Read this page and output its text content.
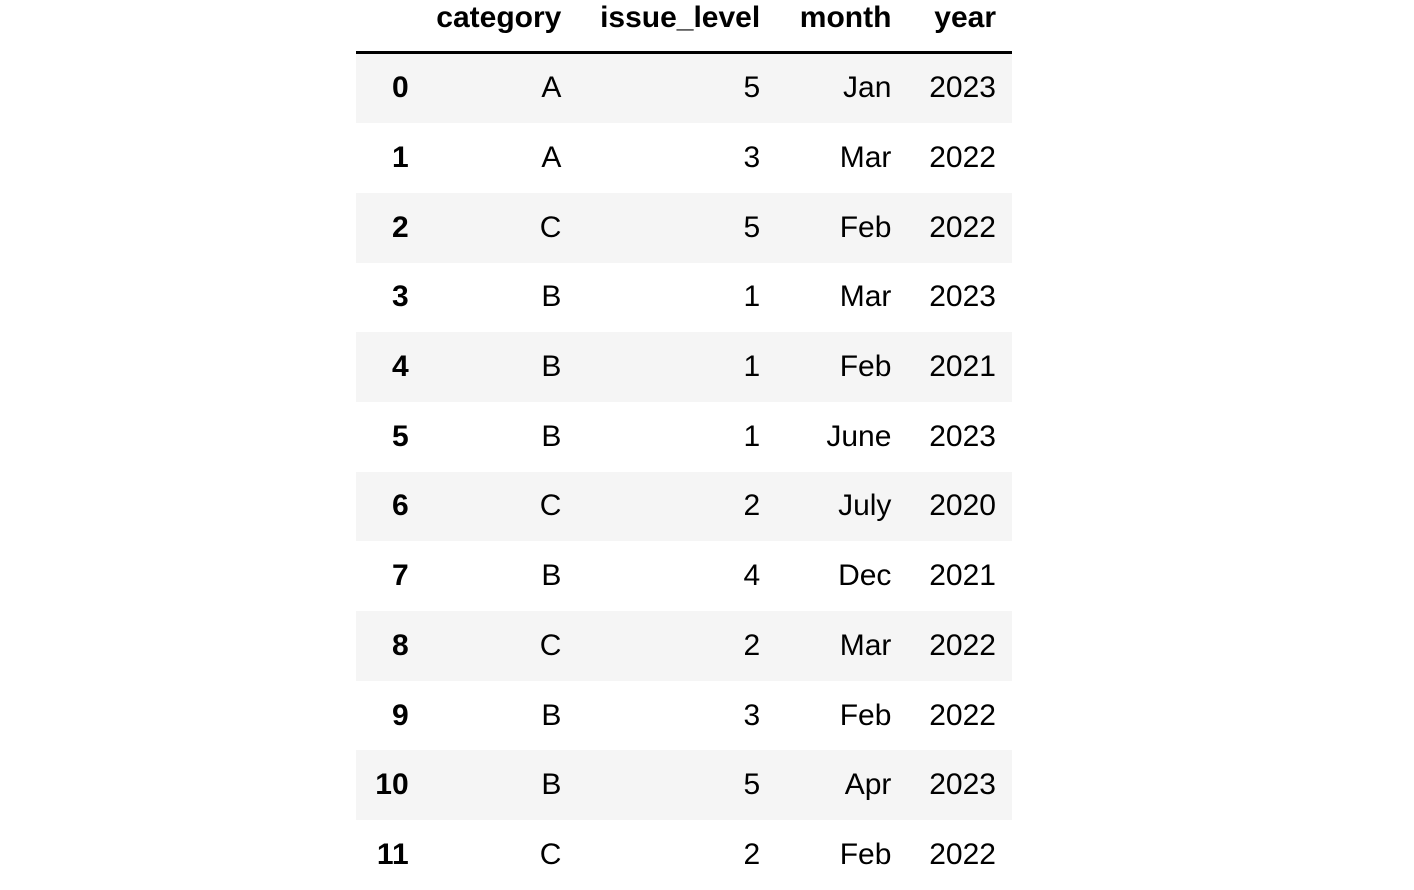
	category	issue_level	month	year
0	A	5	Jan	2023
1	A	3	Mar	2022
2	C	5	Feb	2022
3	B	1	Mar	2023
4	B	1	Feb	2021
5	B	1	June	2023
6	C	2	July	2020
7	B	4	Dec	2021
8	C	2	Mar	2022
9	B	3	Feb	2022
10	B	5	Apr	2023
11	C	2	Feb	2022
